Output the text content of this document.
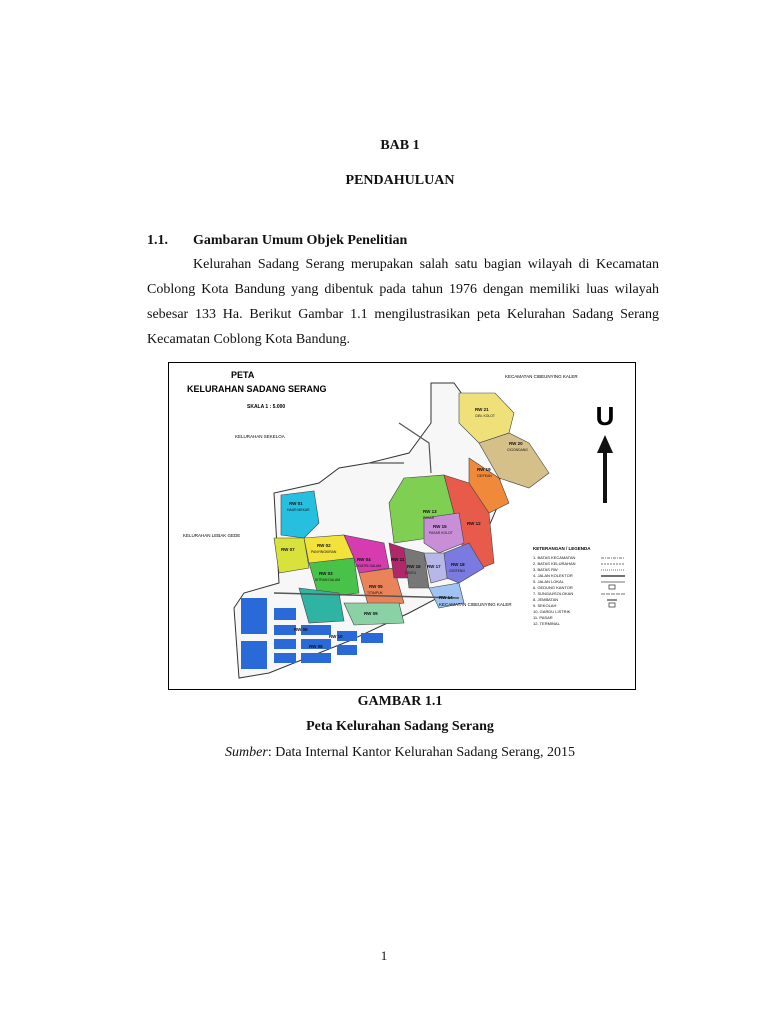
BAB 1
PENDAHULUAN
1.1. Gambaran Umum Objek Penelitian
Kelurahan Sadang Serang merupakan salah satu bagian wilayah di Kecamatan Coblong Kota Bandung yang dibentuk pada tahun 1976 dengan memiliki luas wilayah sebesar 133 Ha. Berikut Gambar 1.1 mengilustrasikan peta Kelurahan Sadang Serang Kecamatan Coblong Kota Bandung.
U
PETA
KELURAHAN SADANG SERANG
SKALA 1 : 5.000
KECAMATAN CIBEUNYING KALER
KELURAHAN SEKELOA
KELURAHAN LEBAK GEDE
KECAMATAN CIBEUNYING KALER
RW 21
RW 20
RW 19
RW 01
RW 13
RW 15
RW 12
RW 02
RW 04
RW 03
RW 05
RW 11
RW 16 RW 17 RW 18
RW 14
RW 09
RW 07
RW 10
RW 08
RW 06
CIBI. KOLOT
CIGONDANG
CIEFEAN
HAUR MEKAR
PASAR
PASAR KOLOT
PANYINGKIRAN
CIGATRI DALAM
SITRAN DALAM
TITIMPUK
CISITU	CISITENG
KETERANGAN / LEGENDA
1. BATAS KECAMATAN
2. BATAS KELURAHAN
3. BATAS RW
4. JALAN KOLEKTOR
5. JALAN LOKAL
6. GEDUNG KANTOR
7. SUNGAI/SOLOKAN
8. JEMBATAN
9. SEKOLAH
10. GARDU LISTRIK
11. PASAR
12. TERMINAL
GAMBAR 1.1
Peta Kelurahan Sadang Serang
Sumber: Data Internal Kantor Kelurahan Sadang Serang, 2015
1
